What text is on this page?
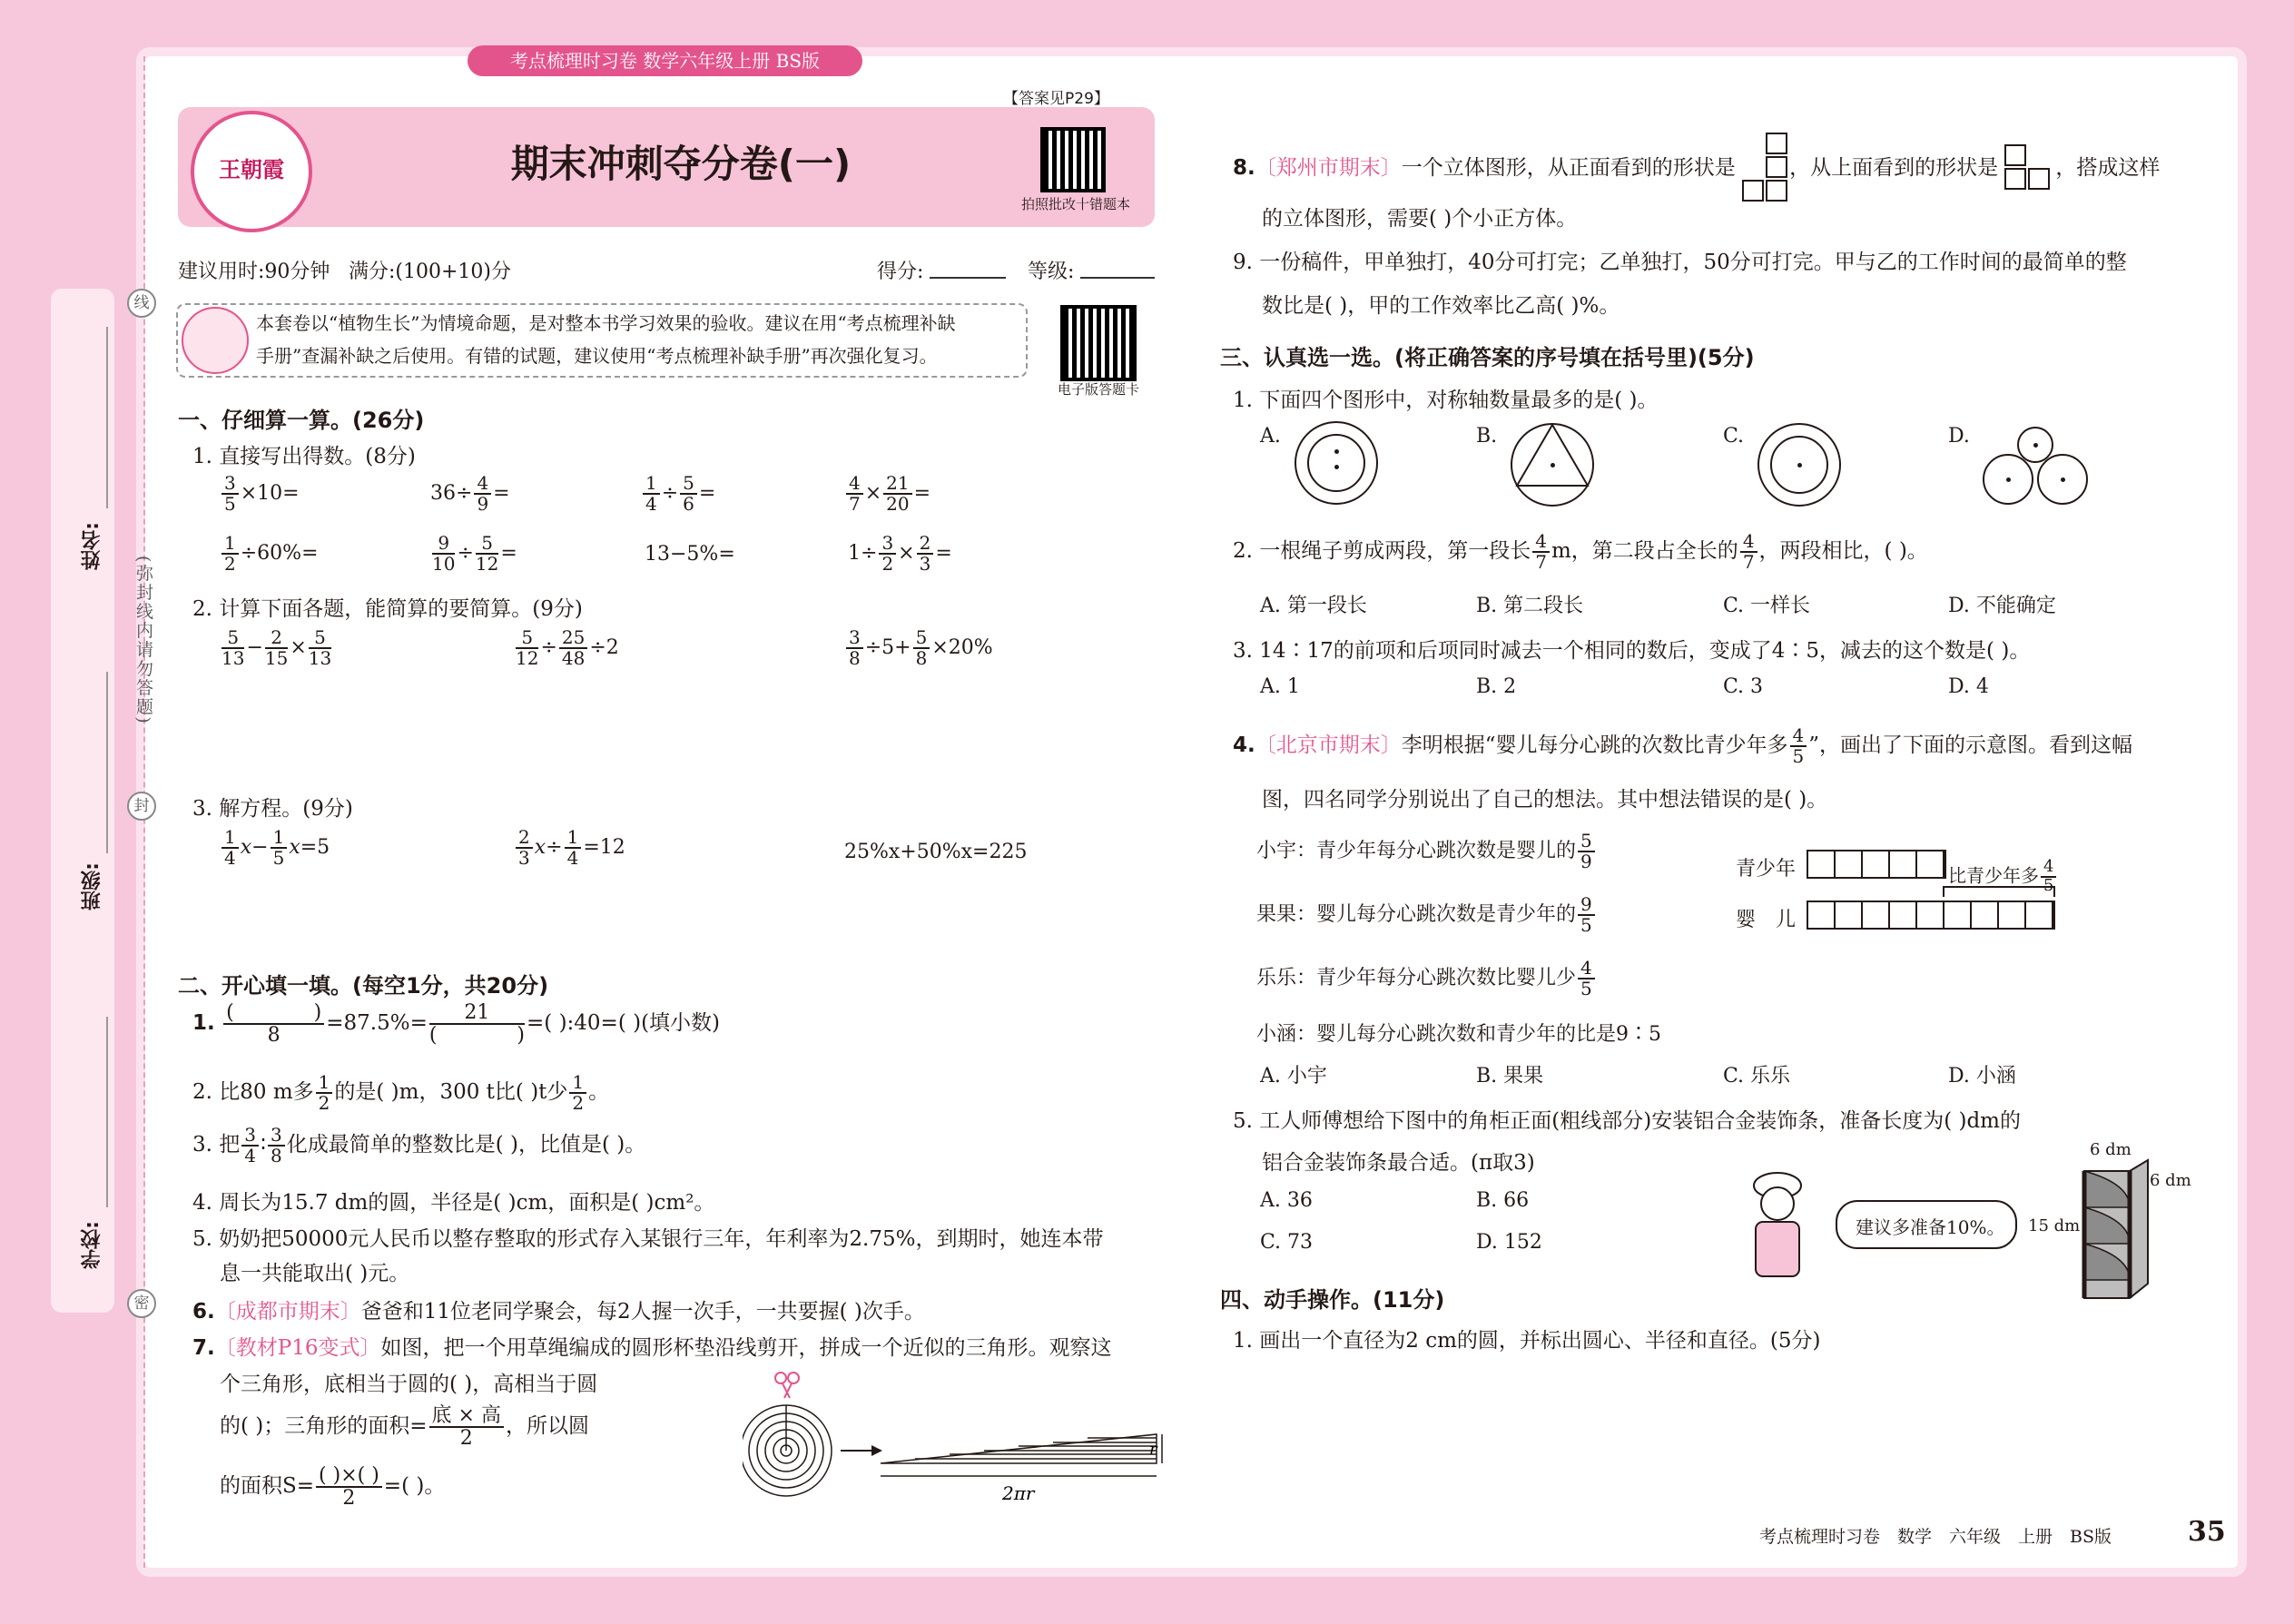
姓名:
班级:
学校:
线
封
密
(弥封线内请勿答题)
考点梳理时习卷 数学六年级上册 BS版
王朝霞	期末冲刺夺分卷(一)
【答案见P29】
拍照批改十错题本
电子版答题卡
建议用时:90分钟 满分:(100+10)分	得分:	等级:
本套卷以“植物生长”为情境命题，是对整本书学习效果的验收。建议在用“考点梳理补缺
手册”查漏补缺之后使用。有错的试题，建议使用“考点梳理补缺手册”再次强化复习。
一、仔细算一算。(26分)
1. 直接写出得数。(8分)
$\frac{3}{5} \times 10=$	$36\div \frac{4}{9}$ =	$\frac{1}{4} \div \frac{5}{6}$ =	$\frac{4}{7} \times \frac{21}{20}$ =
$\frac{1}{2} \div 60\%=$	$\frac{9}{10} \div \frac{5}{12}$ =	13−5%=	$1\div \frac{3}{2} \times \frac{2}{3}$ =
2. 计算下面各题，能简算的要简算。(9分)
$\frac{5}{13} - \frac{2}{15} \times \frac{5}{13}$	$\frac{5}{12} \div \frac{25}{48} \div 2$	$\frac{3}{8} \div 5+ \frac{5}{8} \times 20\%$
3. 解方程。(9分)
$\frac{1}{4} x- \frac{1}{5} x=5$	$\frac{2}{3} x\div \frac{1}{4} =12$	25%x+50%x=225
二、开心填一填。(每空1分，共20分)
1. (　　　　)
8
=87.5%=	21
(　　　　)
=( ):40=( )(填小数)
2. 比80 m多 $\frac{1}{2}$ 的是( )m，300 t比( )t少 $\frac{1}{2}$ 。
3. 把 $\frac{3}{4}$ ∶ $\frac{3}{8}$ 化成最简单的整数比是( )，比值是( )。
4. 周长为15.7 dm的圆，半径是( )cm，面积是( )cm²。
5. 奶奶把50000元人民币以整存整取的形式存入某银行三年，年利率为2.75%，到期时，她连本带
息一共能取出( )元。
6.〔成都市期末〕爸爸和11位老同学聚会，每2人握一次手，一共要握( )次手。
7.〔教材P16变式〕如图，把一个用草绳编成的圆形杯垫沿线剪开，拼成一个近似的三角形。观察这
个三角形，底相当于圆的( )，高相当于圆
的( )；三角形的面积= 底 × 高
2
，所以圆
的面积S= ( )×( )
2
=( )。	2πr
r
8.〔郑州市期末〕一个立体图形，从正面看到的形状是	，从上面看到的形状是	，搭成这样
的立体图形，需要( )个小正方体。
9. 一份稿件，甲单独打，40分可打完；乙单独打，50分可打完。甲与乙的工作时间的最简单的整
数比是( )，甲的工作效率比乙高( )%。
三、认真选一选。(将正确答案的序号填在括号里)(5分)
1. 下面四个图形中，对称轴数量最多的是( )。
A.	B.	C.	D.
2. 一根绳子剪成两段，第一段长 $\frac{4}{7}$ m，第二段占全长的 $\frac{4}{7}$ ，两段相比，( )。
A. 第一段长	B. 第二段长	C. 一样长	D. 不能确定
3. 14∶17的前项和后项同时减去一个相同的数后，变成了4∶5，减去的这个数是( )。
A. 1	B. 2	C. 3	D. 4
4.〔北京市期末〕李明根据“婴儿每分心跳的次数比青少年多 $\frac{4}{5}$ ”，画出了下面的示意图。看到这幅
图，四名同学分别说出了自己的想法。其中想法错误的是( )。
小宇：青少年每分心跳次数是婴儿的 $\frac{5}{9}$
果果：婴儿每分心跳次数是青少年的 $\frac{9}{5}$
乐乐：青少年每分心跳次数比婴儿少 $\frac{4}{5}$
小涵：婴儿每分心跳次数和青少年的比是9∶5
青少年
婴　儿
比青少年多 $\frac{4}{5}$
A. 小宇	B. 果果	C. 乐乐	D. 小涵
5. 工人师傅想给下图中的角柜正面(粗线部分)安装铝合金装饰条，准备长度为( )dm的
铝合金装饰条最合适。(π取3)
A. 36	B. 66
C. 73	D. 152
建议多准备10%。
6 dm
6 dm
15 dm
四、动手操作。(11分)
1. 画出一个直径为2 cm的圆，并标出圆心、半径和直径。(5分)
考点梳理时习卷　数学　六年级　上册　BS版	35
